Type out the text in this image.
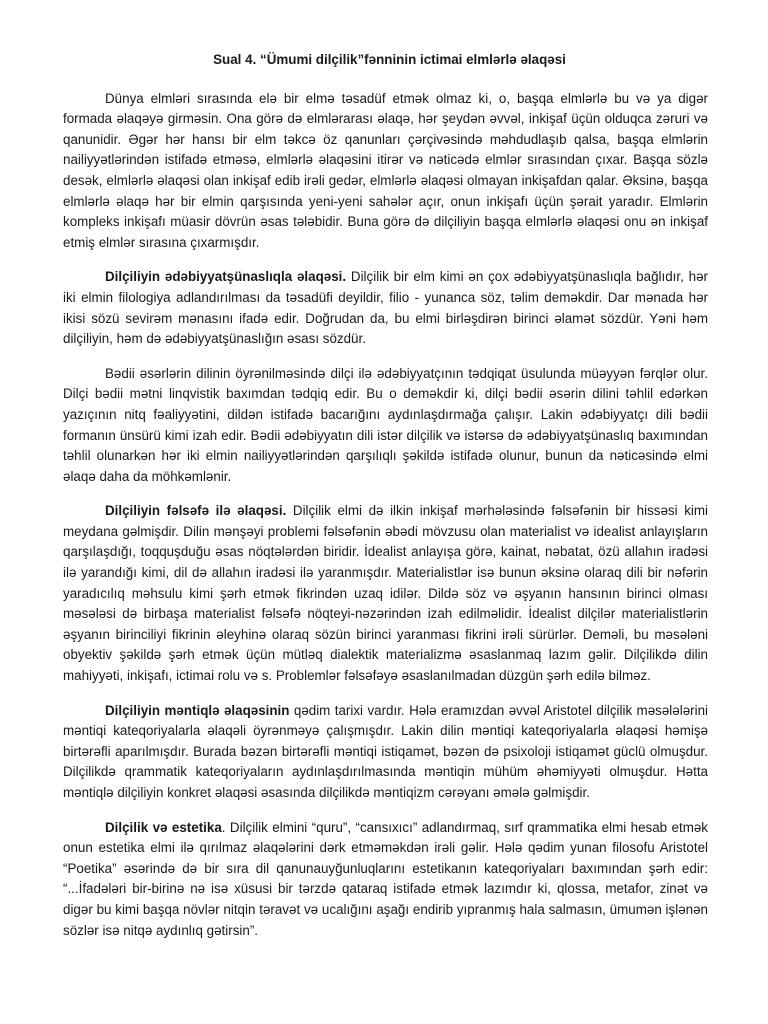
Sual 4. “Ümumi dilçilik”fənninin ictimai elmlərlə əlaqəsi

Dünya elmləri sırasında elə bir elmə təsadüf etmək olmaz ki, o, başqa elmlərlə bu və ya digər formada əlaqəyə girməsin. Ona görə də elmlərarası əlaqə, hər şeydən əvvəl, inkişaf üçün olduqca zəruri və qanunidir. Əgər hər hansı bir elm təkcə öz qanunları çərçivəsində məhdudlaşıb qalsa, başqa elmlərin nailiyyətlərindən istifadə etməsə, elmlərlə əlaqəsini itirər və nəticədə elmlər sırasından çıxar. Başqa sözlə desək, elmlərlə əlaqəsi olan inkişaf edib irəli gedər, elmlərlə əlaqəsi olmayan inkişafdan qalar. Əksinə, başqa elmlərlə əlaqə hər bir elmin qarşısında yeni-yeni sahələr açır, onun inkişafı üçün şərait yaradır. Elmlərin kompleks inkişafı müasir dövrün əsas tələbidir. Buna görə də dilçiliyin başqa elmlərlə əlaqəsi onu ən inkişaf etmiş elmlər sırasına çıxarmışdır.

Dilçiliyin ədəbiyyatşünaslıqla əlaqəsi. Dilçilik bir elm kimi ən çox ədəbiyyatşünaslıqla bağlıdır, hər iki elmin filologiya adlandırılması da təsadüfi deyildir, filio - yunanca söz, təlim deməkdir. Dar mənada hər ikisi sözü sevirəm mənasını ifadə edir. Doğrudan da, bu elmi birləşdirən birinci əlamət sözdür. Yəni həm dilçiliyin, həm də ədəbiyyatşünaslığın əsası sözdür.

Bədii əsərlərin dilinin öyrənilməsində dilçi ilə ədəbiyyatçının tədqiqat üsulunda müəyyən fərqlər olur. Dilçi bədii mətni linqvistik baxımdan tədqiq edir. Bu o deməkdir ki, dilçi bədii əsərin dilini təhlil edərkən yazıçının nitq fəaliyyətini, dildən istifadə bacarığını aydınlaşdırmağa çalışır. Lakin ədəbiyyatçı dili bədii formanın ünsürü kimi izah edir. Bədii ədəbiyyatın dili istər dilçilik və istərsə də ədəbiyyatşünaslıq baxımından təhlil olunarkən hər iki elmin nailiyyətlərindən qarşılıqlı şəkildə istifadə olunur, bunun da nəticəsində elmi əlaqə daha da möhkəmlənir.

Dilçiliyin fəlsəfə ilə əlaqəsi. Dilçilik elmi də ilkin inkişaf mərhələsində fəlsəfənin bir hissəsi kimi meydana gəlmişdir. Dilin mənşəyi problemi fəlsəfənin əbədi mövzusu olan materialist və idealist anlayışların qarşılaşdığı, toqquşduğu əsas nöqtələrdən biridir. İdealist anlayışa görə, kainat, nəbatat, özü allahın iradəsi ilə yarandığı kimi, dil də allahın iradəsi ilə yaranmışdır. Materialistlər isə bunun əksinə olaraq dili bir nəfərin yaradıcılıq məhsulu kimi şərh etmək fikrindən uzaq idilər. Dildə söz və əşyanın hansının birinci olması məsələsi də birbaşa materialist fəlsəfə nöqteyi-nəzərindən izah edilməlidir. İdealist dilçilər materialistlərin əşyanın birinciliyi fikrinin əleyhinə olaraq sözün birinci yaranması fikrini irəli sürürlər. Deməli, bu məsələni obyektiv şəkildə şərh etmək üçün mütləq dialektik materializmə əsaslanmaq lazım gəlir. Dilçilikdə dilin mahiyyəti, inkişafı, ictimai rolu və s. Problemlər fəlsəfəyə əsaslanılmadan düzgün şərh edilə bilməz.

Dilçiliyin məntiqlə əlaqəsinin qədim tarixi vardır. Hələ eramızdan əvvəl Aristotel dilçilik məsələlərini məntiqi kateqoriyalarla əlaqəli öyrənməyə çalışmışdır. Lakin dilin məntiqi kateqoriyalarla əlaqəsi həmişə birtərəfli aparılmışdır. Burada bəzən birtərəfli məntiqi istiqamət, bəzən də psixoloji istiqamət güclü olmuşdur. Dilçilikdə qrammatik kateqoriyaların aydınlaşdırılmasında məntiqin mühüm əhəmiyyəti olmuşdur. Hətta məntiqlə dilçiliyin konkret əlaqəsi əsasında dilçilikdə məntiqizm cərəyanı əmələ gəlmişdir.

Dilçilik və estetika. Dilçilik elmini “quru”, “cansıxıcı” adlandırmaq, sırf qrammatika elmi hesab etmək onun estetika elmi ilə qırılmaz əlaqələrini dərk etməməkdən irəli gəlir. Hələ qədim yunan filosofu Aristotel “Poetika” əsərində də bir sıra dil qanunauyğunluqlarını estetikanın kateqoriyaları baxımından şərh edir: “...İfadələri bir-birinə nə isə xüsusi bir tərzdə qataraq istifadə etmək lazımdır ki, qlossa, metafor, zinət və digər bu kimi başqa növlər nitqin təravət və ucalığını aşağı endirib yıpranmış hala salmasın, ümumən işlənən sözlər isə nitqə aydınlıq gətirsin”.
